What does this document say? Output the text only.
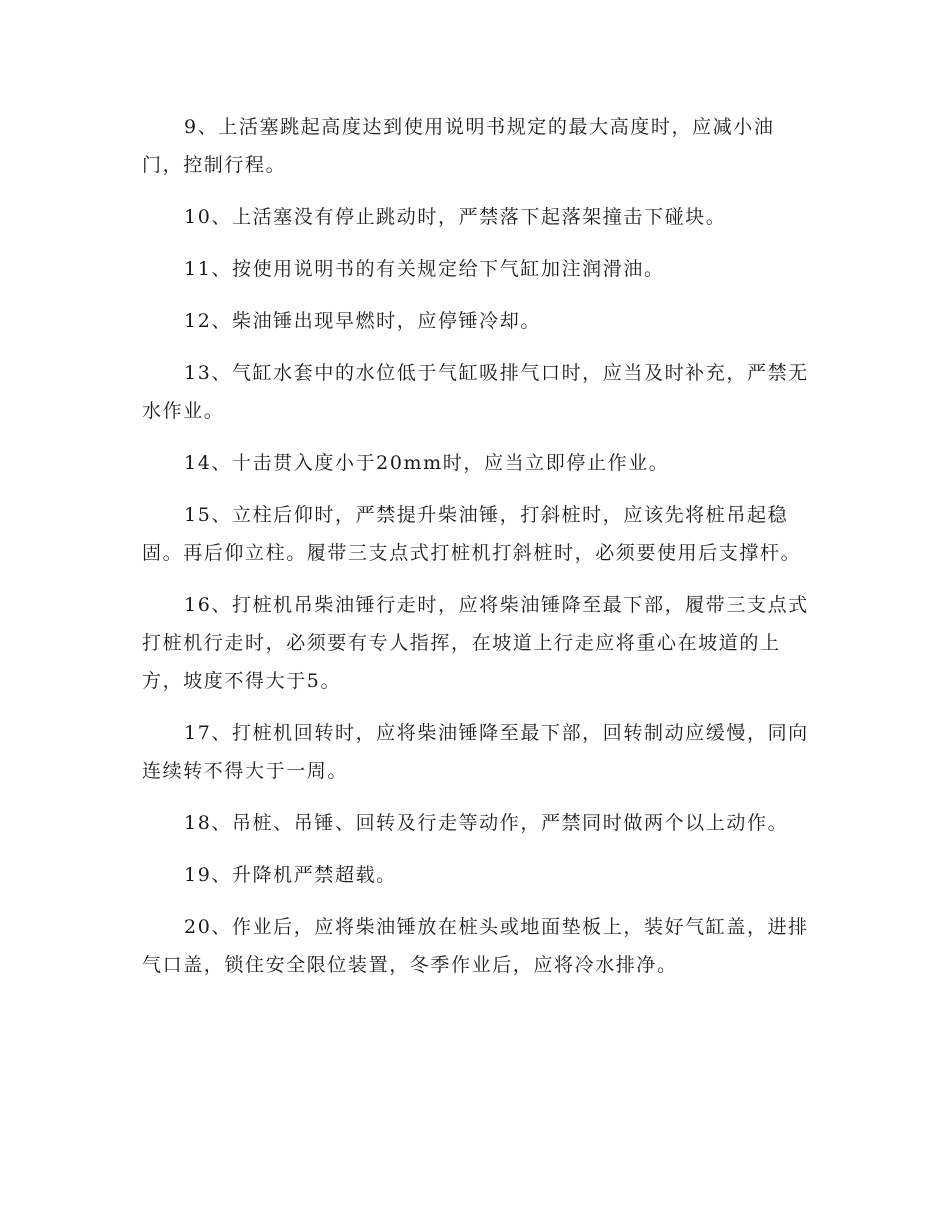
9、上活塞跳起高度达到使用说明书规定的最大高度时，应减小油门，控制行程。

10、上活塞没有停止跳动时，严禁落下起落架撞击下碰块。

11、按使用说明书的有关规定给下气缸加注润滑油。

12、柴油锤出现早燃时，应停锤冷却。

13、气缸水套中的水位低于气缸吸排气口时，应当及时补充，严禁无水作业。

14、十击贯入度小于20mm时，应当立即停止作业。

15、立柱后仰时，严禁提升柴油锤，打斜桩时，应该先将桩吊起稳固。再后仰立柱。履带三支点式打桩机打斜桩时，必须要使用后支撑杆。

16、打桩机吊柴油锤行走时，应将柴油锤降至最下部，履带三支点式打桩机行走时，必须要有专人指挥，在坡道上行走应将重心在坡道的上方，坡度不得大于5。

17、打桩机回转时，应将柴油锤降至最下部，回转制动应缓慢，同向连续转不得大于一周。

18、吊桩、吊锤、回转及行走等动作，严禁同时做两个以上动作。

19、升降机严禁超载。

20、作业后，应将柴油锤放在桩头或地面垫板上，装好气缸盖，进排气口盖，锁住安全限位装置，冬季作业后，应将冷水排净。
